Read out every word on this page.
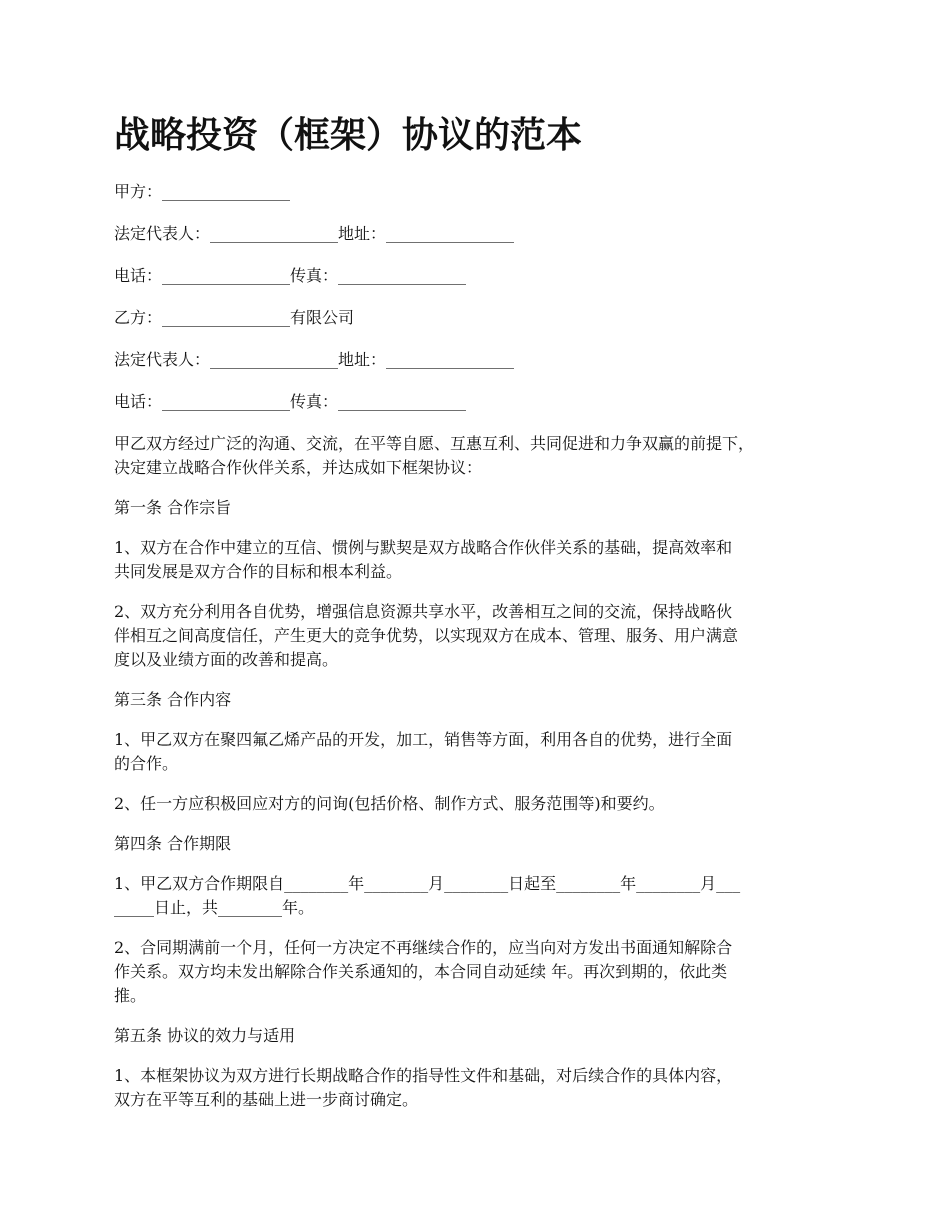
战略投资（框架）协议的范本
甲方：________________
法定代表人：________________地址：________________
电话：________________传真：________________
乙方：________________有限公司
法定代表人：________________地址：________________
电话：________________传真：________________

甲乙双方经过广泛的沟通、交流，在平等自愿、互惠互利、共同促进和力争双赢的前提下，
决定建立战略合作伙伴关系，并达成如下框架协议：

第一条 合作宗旨

1、双方在合作中建立的互信、惯例与默契是双方战略合作伙伴关系的基础，提高效率和
共同发展是双方合作的目标和根本利益。

2、双方充分利用各自优势，增强信息资源共享水平，改善相互之间的交流，保持战略伙
伴相互之间高度信任，产生更大的竞争优势，以实现双方在成本、管理、服务、用户满意
度以及业绩方面的改善和提高。

第三条 合作内容

1、甲乙双方在聚四氟乙烯产品的开发，加工，销售等方面，利用各自的优势，进行全面
的合作。

2、任一方应积极回应对方的问询(包括价格、制作方式、服务范围等)和要约。

第四条 合作期限

1、甲乙双方合作期限自________年________月________日起至________年________月___
_____日止，共________年。

2、合同期满前一个月，任何一方决定不再继续合作的，应当向对方发出书面通知解除合
作关系。双方均未发出解除合作关系通知的，本合同自动延续 年。再次到期的，依此类
推。

第五条 协议的效力与适用

1、本框架协议为双方进行长期战略合作的指导性文件和基础，对后续合作的具体内容，
双方在平等互利的基础上进一步商讨确定。
